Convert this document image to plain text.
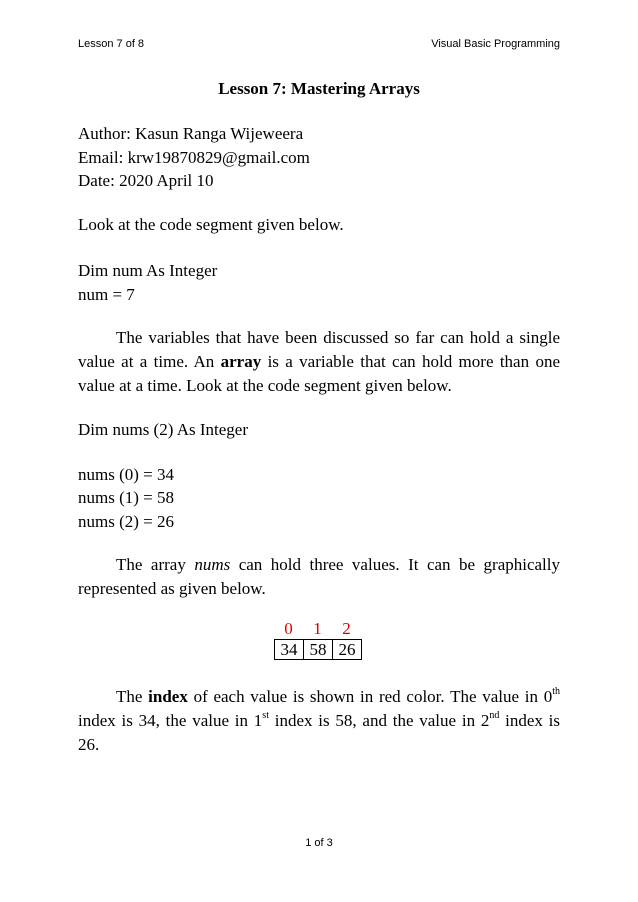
Lesson 7 of 8	Visual Basic Programming
Lesson 7: Mastering Arrays
Author: Kasun Ranga Wijeweera
Email: krw19870829@gmail.com
Date: 2020 April 10
Look at the code segment given below.
Dim num As Integer
num = 7
The variables that have been discussed so far can hold a single value at a time. An array is a variable that can hold more than one value at a time. Look at the code segment given below.
Dim nums (2) As Integer
nums (0) = 34
nums (1) = 58
nums (2) = 26
The array nums can hold three values. It can be graphically represented as given below.
0	1	2
34 58 26
The index of each value is shown in red color. The value in 0th index is 34, the value in 1st index is 58, and the value in 2nd index is 26.
1 of 3
